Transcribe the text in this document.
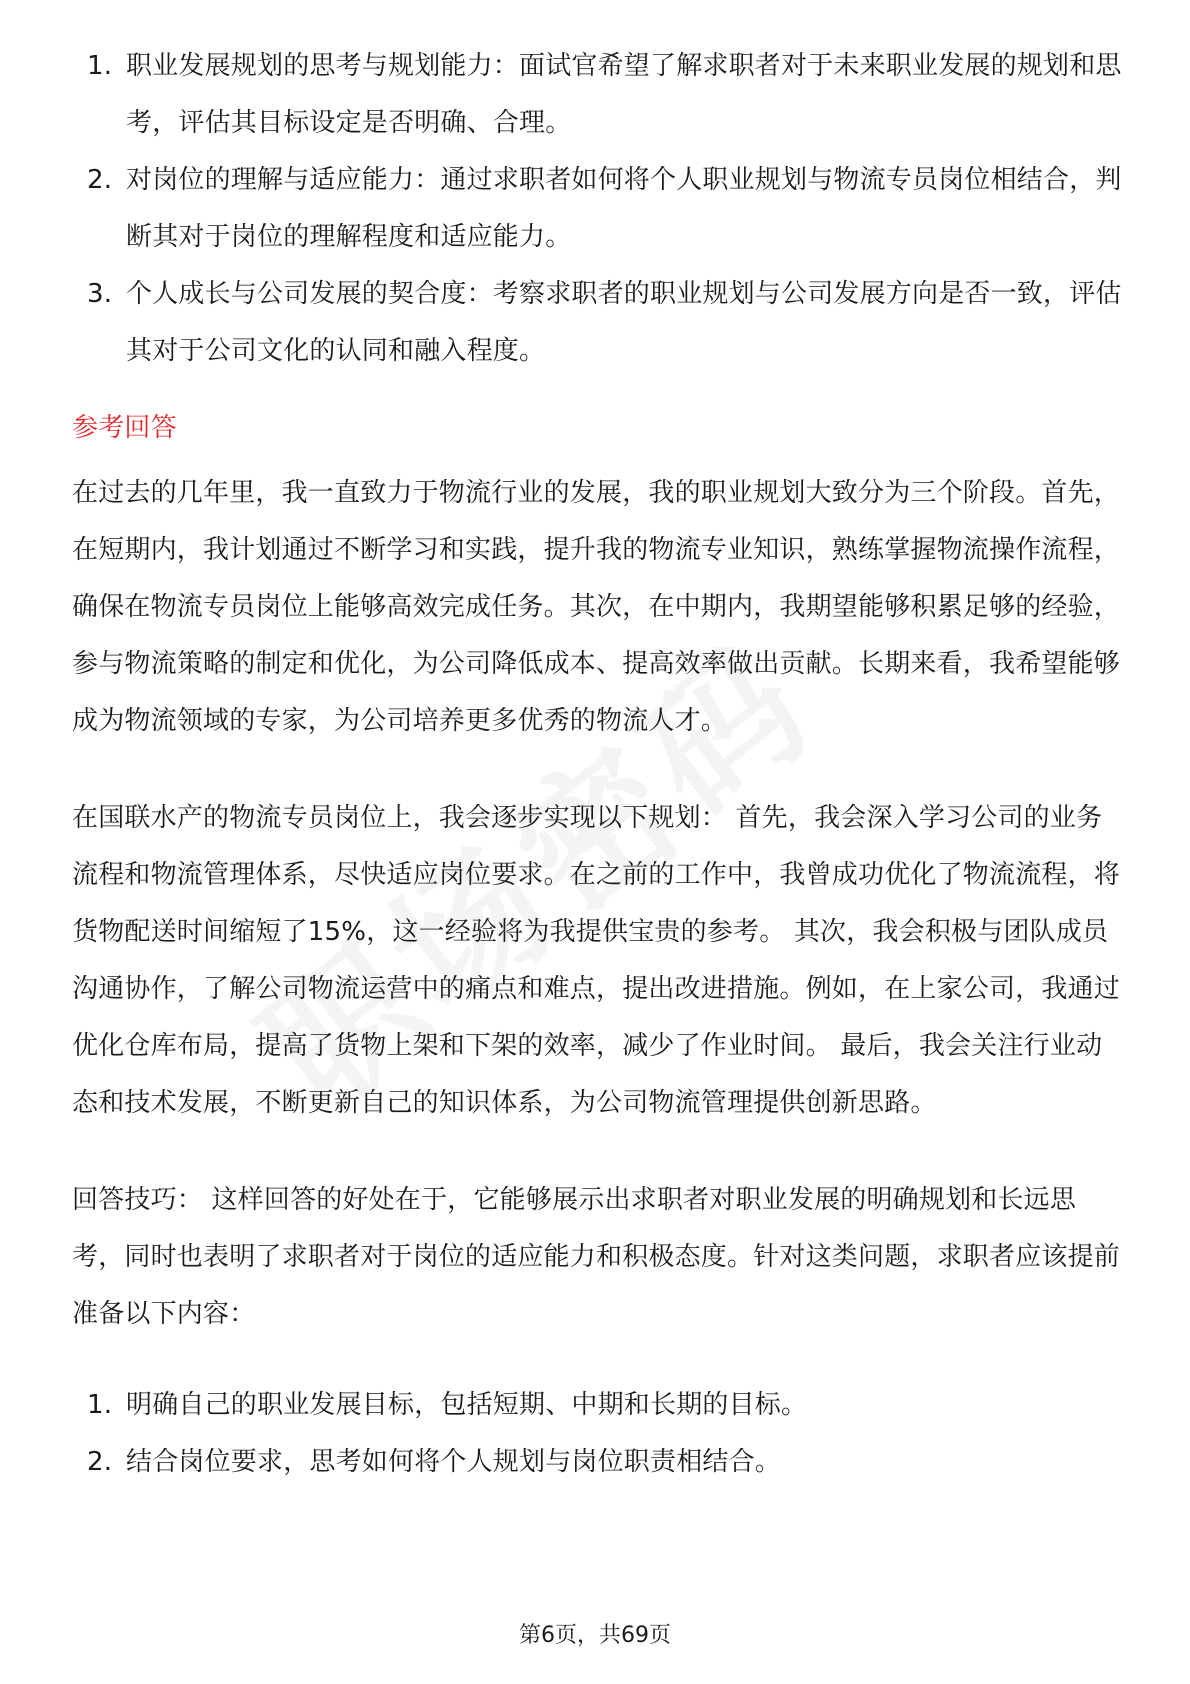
1. 职业发展规划的思考与规划能力：面试官希望了解求职者对于未来职业发展的规划和思考，评估其目标设定是否明确、合理。
2. 对岗位的理解与适应能力：通过求职者如何将个人职业规划与物流专员岗位相结合，判断其对于岗位的理解程度和适应能力。
3. 个人成长与公司发展的契合度：考察求职者的职业规划与公司发展方向是否一致，评估其对于公司文化的认同和融入程度。
参考回答

在过去的几年里，我一直致力于物流行业的发展，我的职业规划大致分为三个阶段。首先，在短期内，我计划通过不断学习和实践，提升我的物流专业知识，熟练掌握物流操作流程，确保在物流专员岗位上能够高效完成任务。其次，在中期内，我期望能够积累足够的经验，参与物流策略的制定和优化，为公司降低成本、提高效率做出贡献。长期来看，我希望能够成为物流领域的专家，为公司培养更多优秀的物流人才。

在国联水产的物流专员岗位上，我会逐步实现以下规划： 首先，我会深入学习公司的业务流程和物流管理体系，尽快适应岗位要求。在之前的工作中，我曾成功优化了物流流程，将货物配送时间缩短了15%，这一经验将为我提供宝贵的参考。 其次，我会积极与团队成员沟通协作，了解公司物流运营中的痛点和难点，提出改进措施。例如，在上家公司，我通过优化仓库布局，提高了货物上架和下架的效率，减少了作业时间。 最后，我会关注行业动态和技术发展，不断更新自己的知识体系，为公司物流管理提供创新思路。

回答技巧： 这样回答的好处在于，它能够展示出求职者对职业发展的明确规划和长远思考，同时也表明了求职者对于岗位的适应能力和积极态度。针对这类问题，求职者应该提前准备以下内容：

1. 明确自己的职业发展目标，包括短期、中期和长期的目标。
2. 结合岗位要求，思考如何将个人规划与岗位职责相结合。
第6页，共69页
